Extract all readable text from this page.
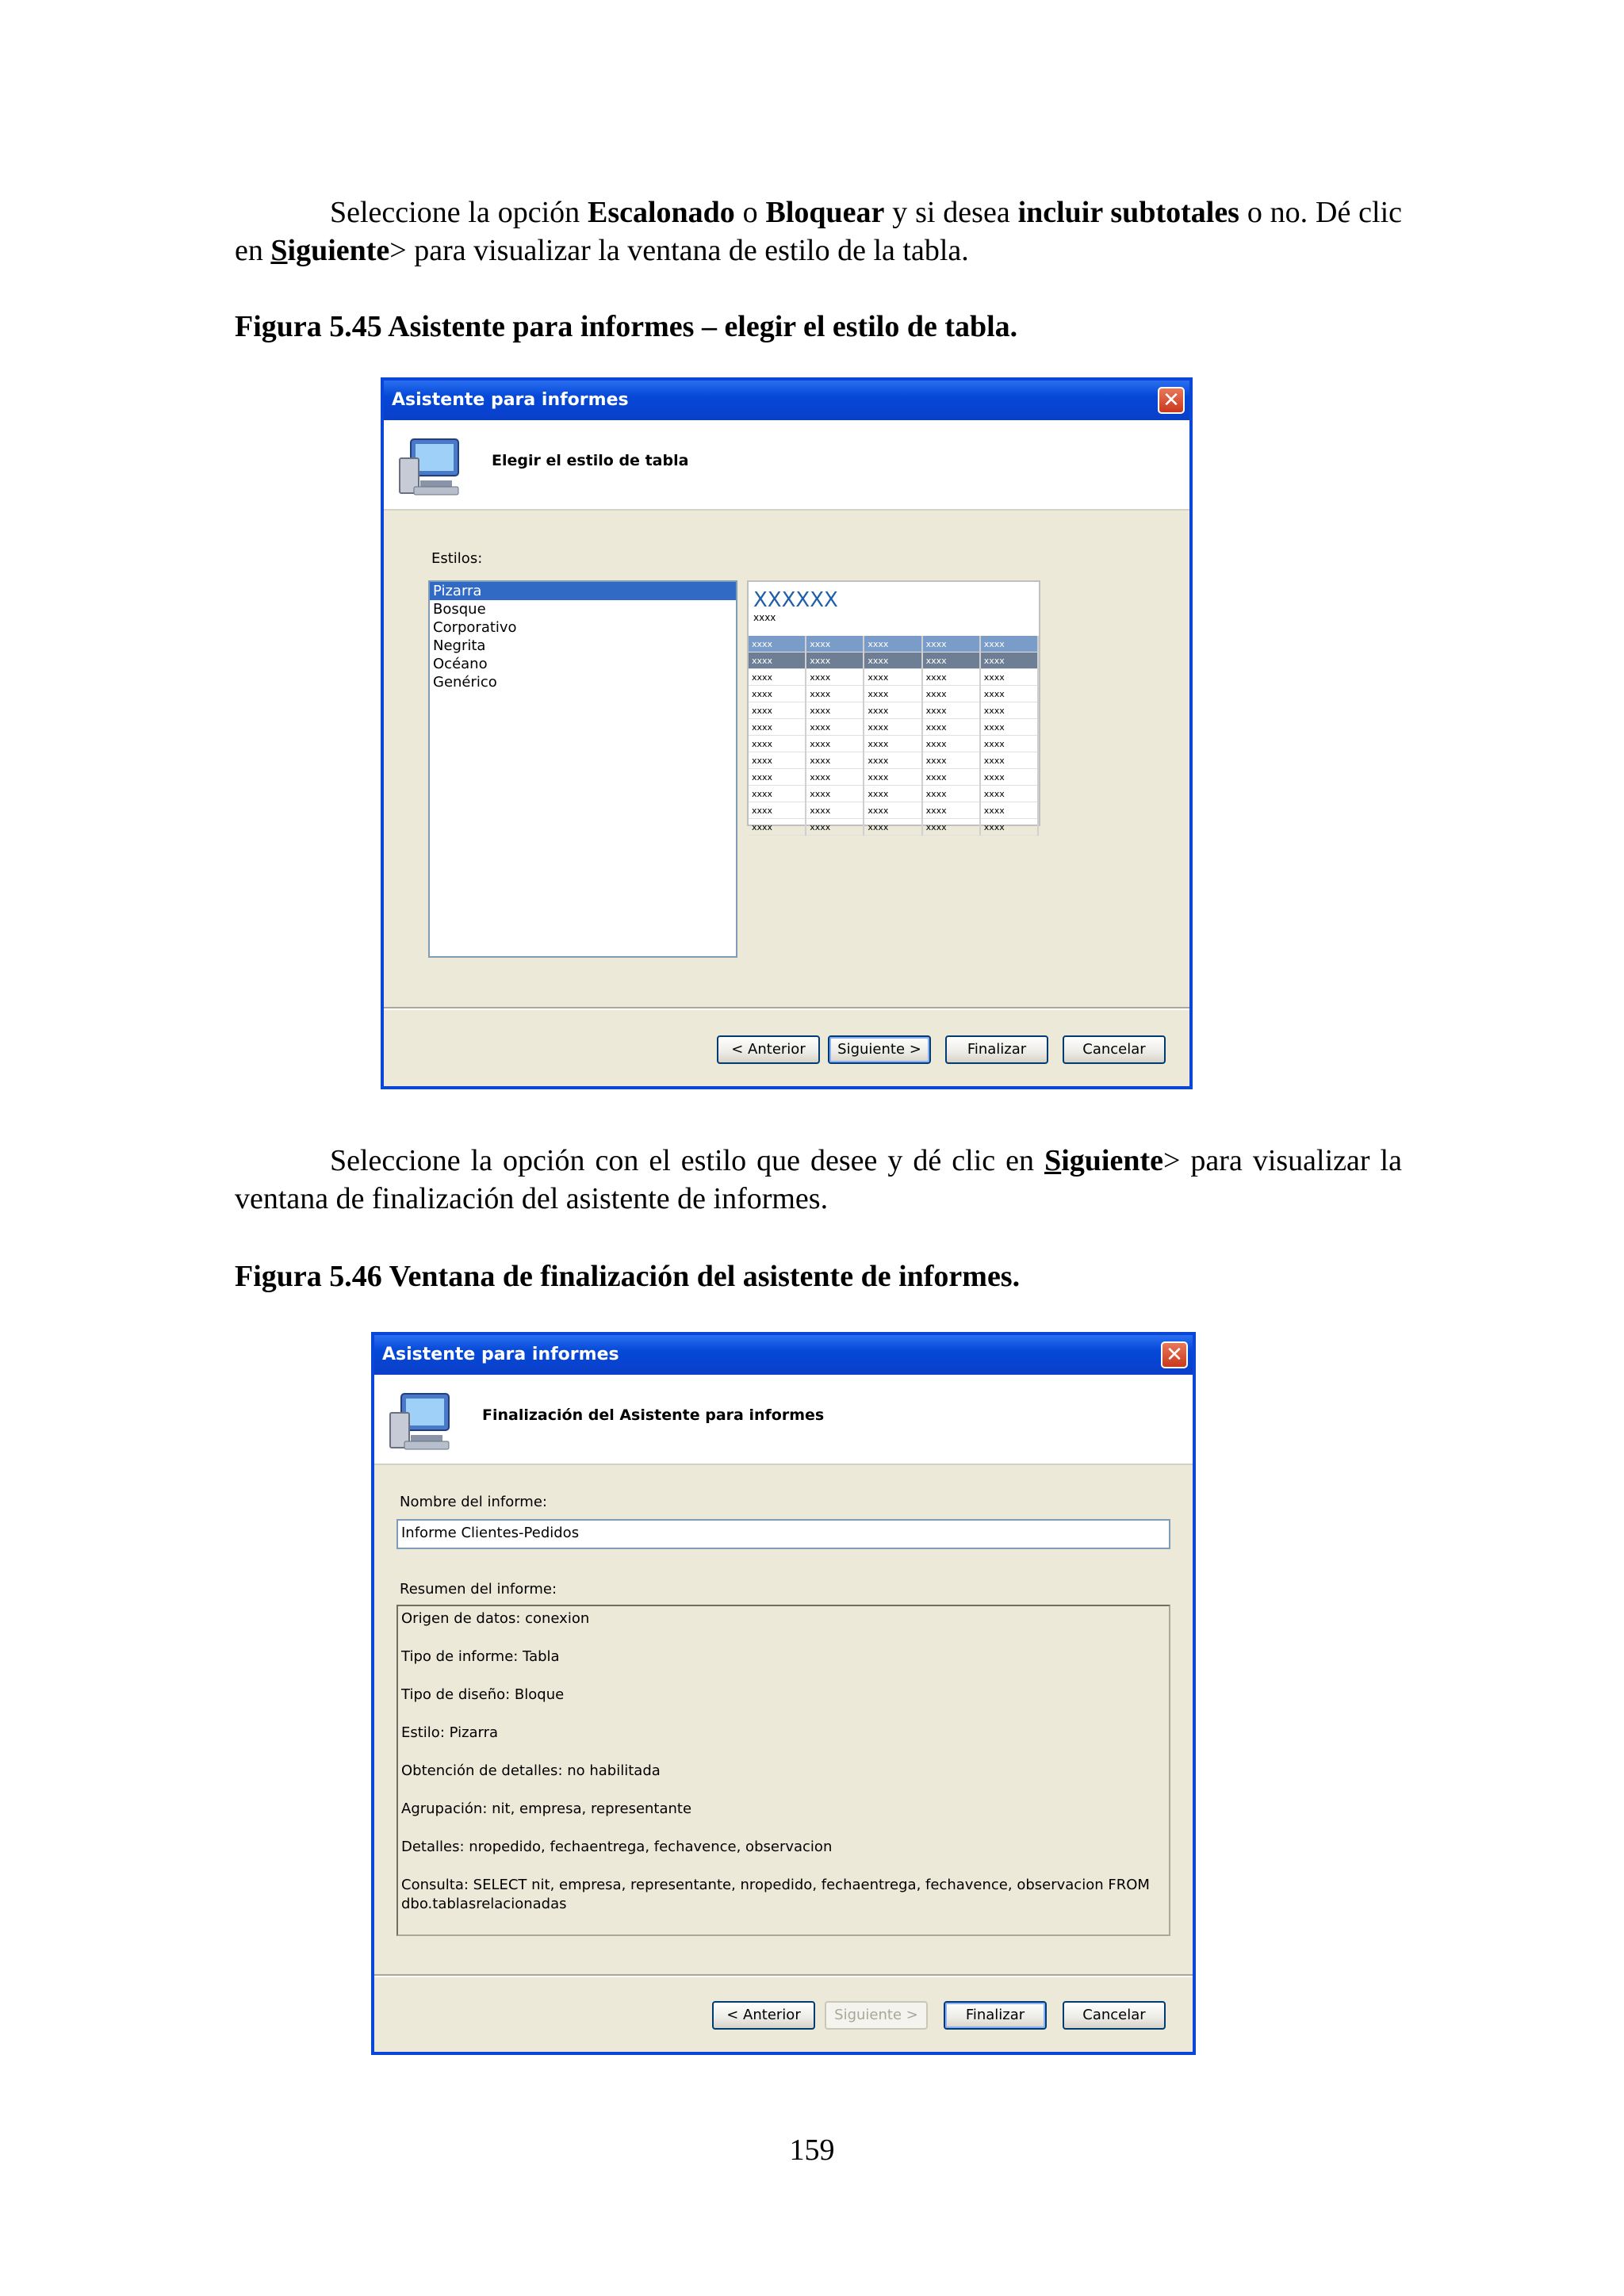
Seleccione la opción Escalonado o Bloquear y si desea incluir subtotales o no. Dé clic en Siguiente> para visualizar la ventana de estilo de la tabla.
Figura 5.45 Asistente para informes – elegir el estilo de tabla.
Asistente para informes	✕
Elegir el estilo de tabla
Estilos:
Pizarra
Bosque
Corporativo
Negrita
Océano
Genérico
XXXXXX
xxxx
xxxx	xxxx	xxxx	xxxx	xxxx
xxxx	xxxx	xxxx	xxxx	xxxx
xxxx	xxxx	xxxx	xxxx	xxxx
xxxx	xxxx	xxxx	xxxx	xxxx
xxxx	xxxx	xxxx	xxxx	xxxx
xxxx	xxxx	xxxx	xxxx	xxxx
xxxx	xxxx	xxxx	xxxx	xxxx
xxxx	xxxx	xxxx	xxxx	xxxx
xxxx	xxxx	xxxx	xxxx	xxxx
xxxx	xxxx	xxxx	xxxx	xxxx
xxxx	xxxx	xxxx	xxxx	xxxx
xxxx	xxxx	xxxx	xxxx	xxxx
< Anterior	Siguiente >	Finalizar	Cancelar
Seleccione la opción con el estilo que desee y dé clic en Siguiente> para visualizar la ventana de finalización del asistente de informes.
Figura 5.46 Ventana de finalización del asistente de informes.
Asistente para informes	✕
Finalización del Asistente para informes
Nombre del informe:
Informe Clientes-Pedidos
Resumen del informe:
Origen de datos: conexion
Tipo de informe: Tabla
Tipo de diseño: Bloque
Estilo: Pizarra
Obtención de detalles: no habilitada
Agrupación: nit, empresa, representante
Detalles: nropedido, fechaentrega, fechavence, observacion
Consulta: SELECT nit, empresa, representante, nropedido, fechaentrega, fechavence, observacion FROM dbo.tablasrelacionadas
< Anterior	Siguiente >	Finalizar	Cancelar
159
